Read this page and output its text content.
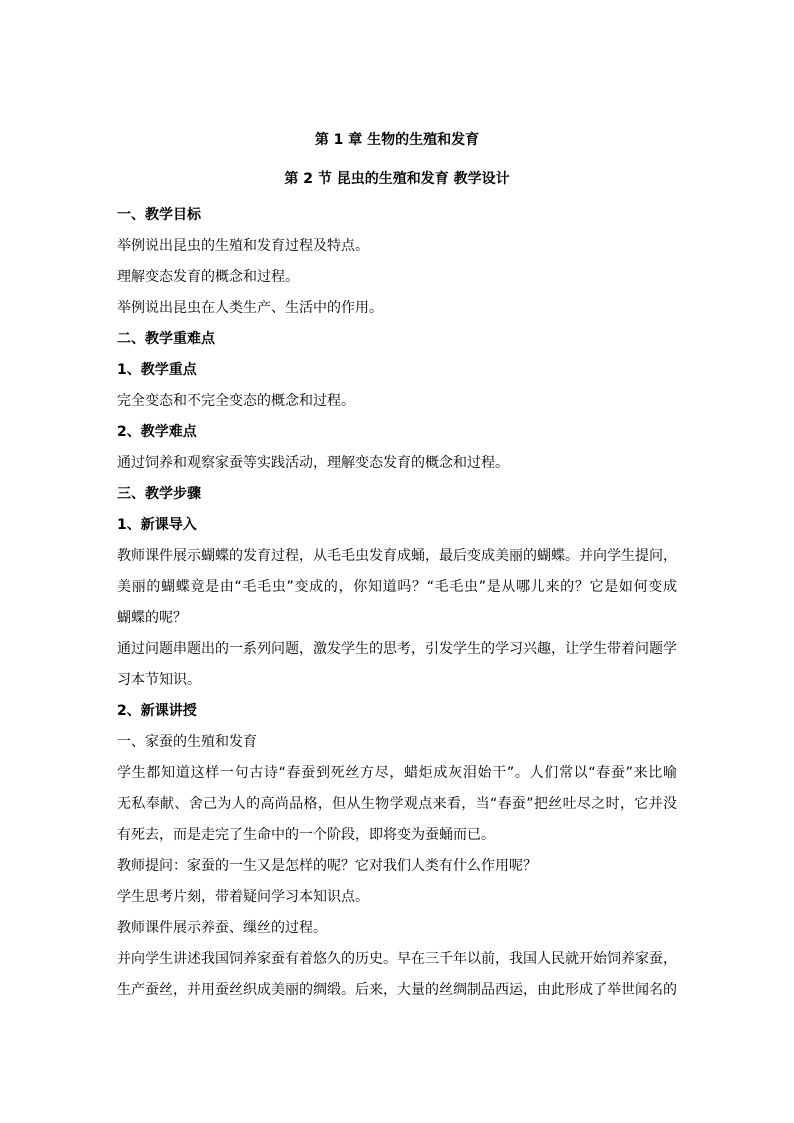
第 1 章 生物的生殖和发育
第 2 节 昆虫的生殖和发育 教学设计
一、教学目标
举例说出昆虫的生殖和发育过程及特点。
理解变态发育的概念和过程。
举例说出昆虫在人类生产、生活中的作用。
二、教学重难点
1、教学重点
完全变态和不完全变态的概念和过程。
2、教学难点
通过饲养和观察家蚕等实践活动，理解变态发育的概念和过程。
三、教学步骤
1、新课导入
教师课件展示蝴蝶的发育过程，从毛毛虫发育成蛹，最后变成美丽的蝴蝶。并向学生提问，
美丽的蝴蝶竟是由“毛毛虫”变成的，你知道吗？“毛毛虫”是从哪儿来的？它是如何变成
蝴蝶的呢？
通过问题串题出的一系列问题，激发学生的思考，引发学生的学习兴趣，让学生带着问题学
习本节知识。
2、新课讲授
一、家蚕的生殖和发育
学生都知道这样一句古诗“春蚕到死丝方尽，蜡炬成灰泪始干”。人们常以“春蚕”来比喻
无私奉献、舍己为人的高尚品格，但从生物学观点来看，当“春蚕”把丝吐尽之时，它并没
有死去，而是走完了生命中的一个阶段，即将变为蚕蛹而已。
教师提问：家蚕的一生又是怎样的呢？它对我们人类有什么作用呢？
学生思考片刻，带着疑问学习本知识点。
教师课件展示养蚕、缫丝的过程。
并向学生讲述我国饲养家蚕有着悠久的历史。早在三千年以前，我国人民就开始饲养家蚕，
生产蚕丝，并用蚕丝织成美丽的绸缎。后来，大量的丝绸制品西运，由此形成了举世闻名的
